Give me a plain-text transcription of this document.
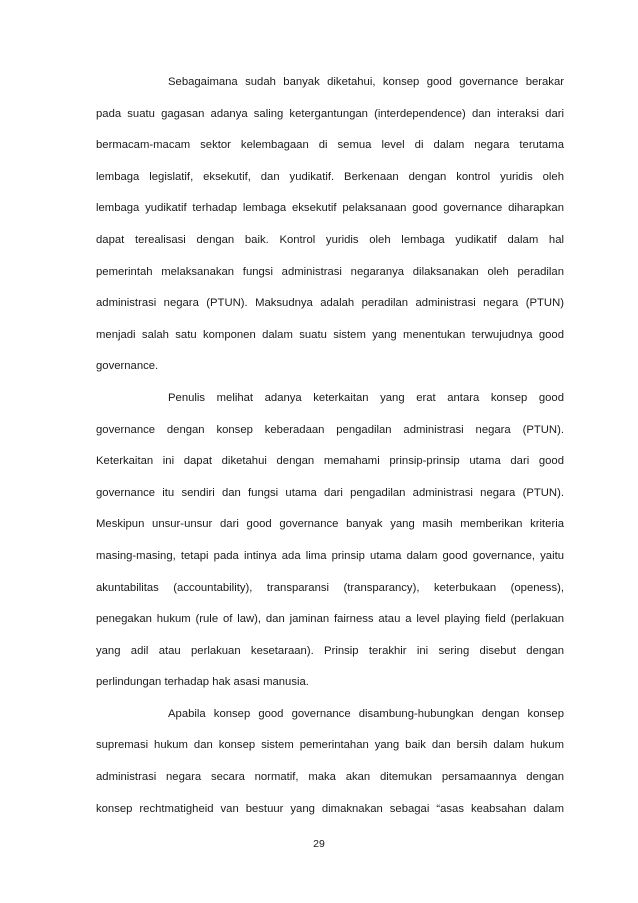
Sebagaimana sudah banyak diketahui, konsep good governance berakar
pada suatu gagasan adanya saling ketergantungan (interdependence) dan interaksi dari
bermacam-macam sektor kelembagaan di semua level di dalam negara terutama
lembaga legislatif, eksekutif, dan yudikatif. Berkenaan dengan kontrol yuridis oleh
lembaga yudikatif terhadap lembaga eksekutif pelaksanaan good governance diharapkan
dapat terealisasi dengan baik. Kontrol yuridis oleh lembaga yudikatif dalam hal
pemerintah melaksanakan fungsi administrasi negaranya dilaksanakan oleh peradilan
administrasi negara (PTUN). Maksudnya adalah peradilan administrasi negara (PTUN)
menjadi salah satu komponen dalam suatu sistem yang menentukan terwujudnya good
governance.
Penulis melihat adanya keterkaitan yang erat antara konsep good
governance dengan konsep keberadaan pengadilan administrasi negara (PTUN).
Keterkaitan ini dapat diketahui dengan memahami prinsip-prinsip utama dari good
governance itu sendiri dan fungsi utama dari pengadilan administrasi negara (PTUN).
Meskipun unsur-unsur dari good governance banyak yang masih memberikan kriteria
masing-masing, tetapi pada intinya ada lima prinsip utama dalam good governance, yaitu
akuntabilitas (accountability), transparansi (transparancy), keterbukaan (openess),
penegakan hukum (rule of law), dan jaminan fairness atau a level playing field (perlakuan
yang adil atau perlakuan kesetaraan). Prinsip terakhir ini sering disebut dengan
perlindungan terhadap hak asasi manusia.
Apabila konsep good governance disambung-hubungkan dengan konsep
supremasi hukum dan konsep sistem pemerintahan yang baik dan bersih dalam hukum
administrasi negara secara normatif, maka akan ditemukan persamaannya dengan
konsep rechtmatigheid van bestuur yang dimaknakan sebagai “asas keabsahan dalam
29
